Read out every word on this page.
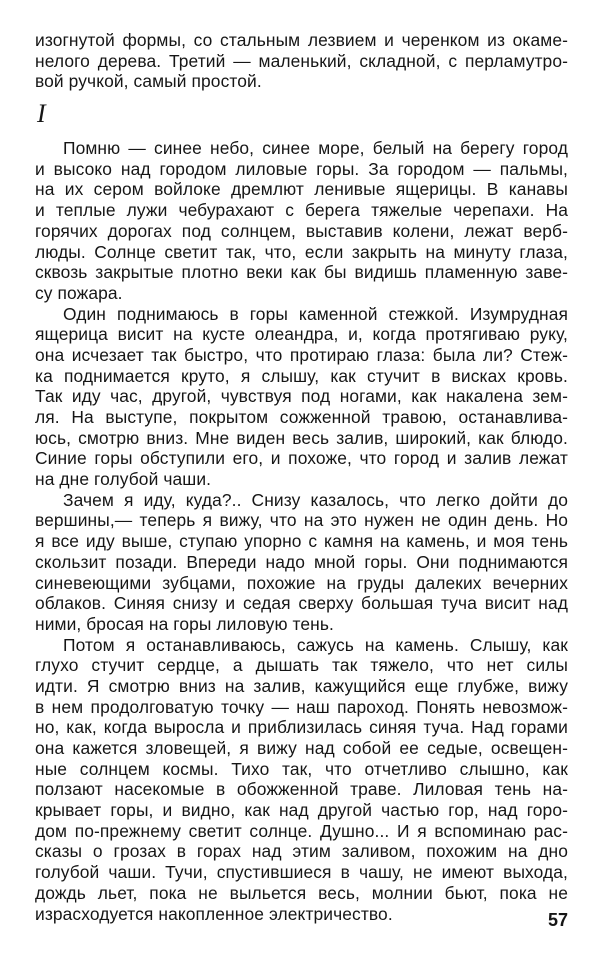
изогнутой формы, со стальным лезвием и черенком из окаме-
нелого дерева. Третий — маленький, складной, с перламутро-
вой ручкой, самый простой.
I
Помню — синее небо, синее море, белый на берегу город
и высоко над городом лиловые горы. За городом — пальмы,
на их сером войлоке дремлют ленивые ящерицы. В канавы
и теплые лужи чебурахают с берега тяжелые черепахи. На
горячих дорогах под солнцем, выставив колени, лежат верб-
люды. Солнце светит так, что, если закрыть на минуту глаза,
сквозь закрытые плотно веки как бы видишь пламенную заве-
су пожара.
Один поднимаюсь в горы каменной стежкой. Изумрудная
ящерица висит на кусте олеандра, и, когда протягиваю руку,
она исчезает так быстро, что протираю глаза: была ли? Стеж-
ка поднимается круто, я слышу, как стучит в висках кровь.
Так иду час, другой, чувствуя под ногами, как накалена зем-
ля. На выступе, покрытом сожженной травою, останавлива-
юсь, смотрю вниз. Мне виден весь залив, широкий, как блюдо.
Синие горы обступили его, и похоже, что город и залив лежат
на дне голубой чаши.
Зачем я иду, куда?.. Снизу казалось, что легко дойти до
вершины,— теперь я вижу, что на это нужен не один день. Но
я все иду выше, ступаю упорно с камня на камень, и моя тень
скользит позади. Впереди надо мной горы. Они поднимаются
синевеющими зубцами, похожие на груды далеких вечерних
облаков. Синяя снизу и седая сверху большая туча висит над
ними, бросая на горы лиловую тень.
Потом я останавливаюсь, сажусь на камень. Слышу, как
глухо стучит сердце, а дышать так тяжело, что нет силы
идти. Я смотрю вниз на залив, кажущийся еще глубже, вижу
в нем продолговатую точку — наш пароход. Понять невозмож-
но, как, когда выросла и приблизилась синяя туча. Над горами
она кажется зловещей, я вижу над собой ее седые, освещен-
ные солнцем космы. Тихо так, что отчетливо слышно, как
ползают насекомые в обожженной траве. Лиловая тень на-
крывает горы, и видно, как над другой частью гор, над горо-
дом по-прежнему светит солнце. Душно... И я вспоминаю рас-
сказы о грозах в горах над этим заливом, похожим на дно
голубой чаши. Тучи, спустившиеся в чашу, не имеют выхода,
дождь льет, пока не выльется весь, молнии бьют, пока не
израсходуется накопленное электричество.	57
